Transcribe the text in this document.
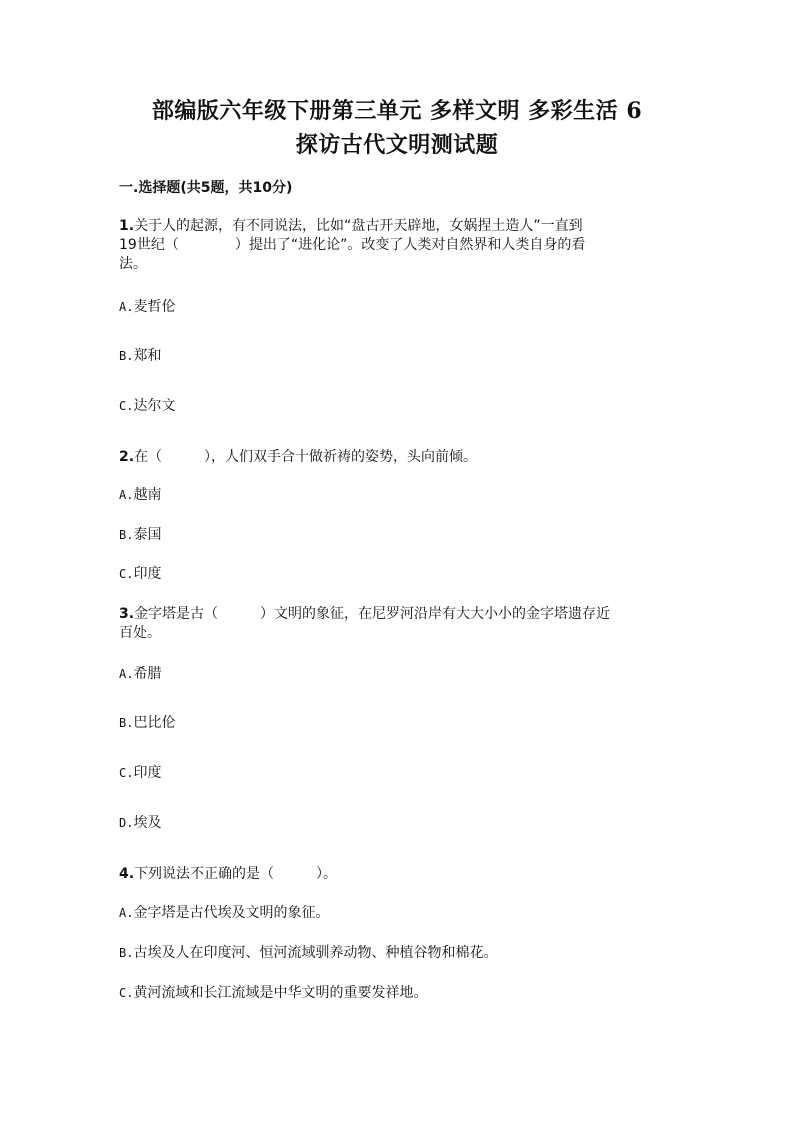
部编版六年级下册第三单元 多样文明 多彩生活 6
探访古代文明测试题
一.选择题(共5题，共10分)
1.关于人的起源，有不同说法，比如“盘古开天辟地，女娲捏土造人”一直到
19世纪（　　　　）提出了“进化论”。改变了人类对自然界和人类自身的看
法。
A.麦哲伦
B.郑和
C.达尔文
2.在（　　　），人们双手合十做祈祷的姿势，头向前倾。
A.越南
B.泰国
C.印度
3.金字塔是古（　　　）文明的象征，在尼罗河沿岸有大大小小的金字塔遗存近
百处。
A.希腊
B.巴比伦
C.印度
D.埃及
4.下列说法不正确的是（　　　）。
A.金字塔是古代埃及文明的象征。
B.古埃及人在印度河、恒河流域驯养动物、种植谷物和棉花。
C.黄河流域和长江流域是中华文明的重要发祥地。
